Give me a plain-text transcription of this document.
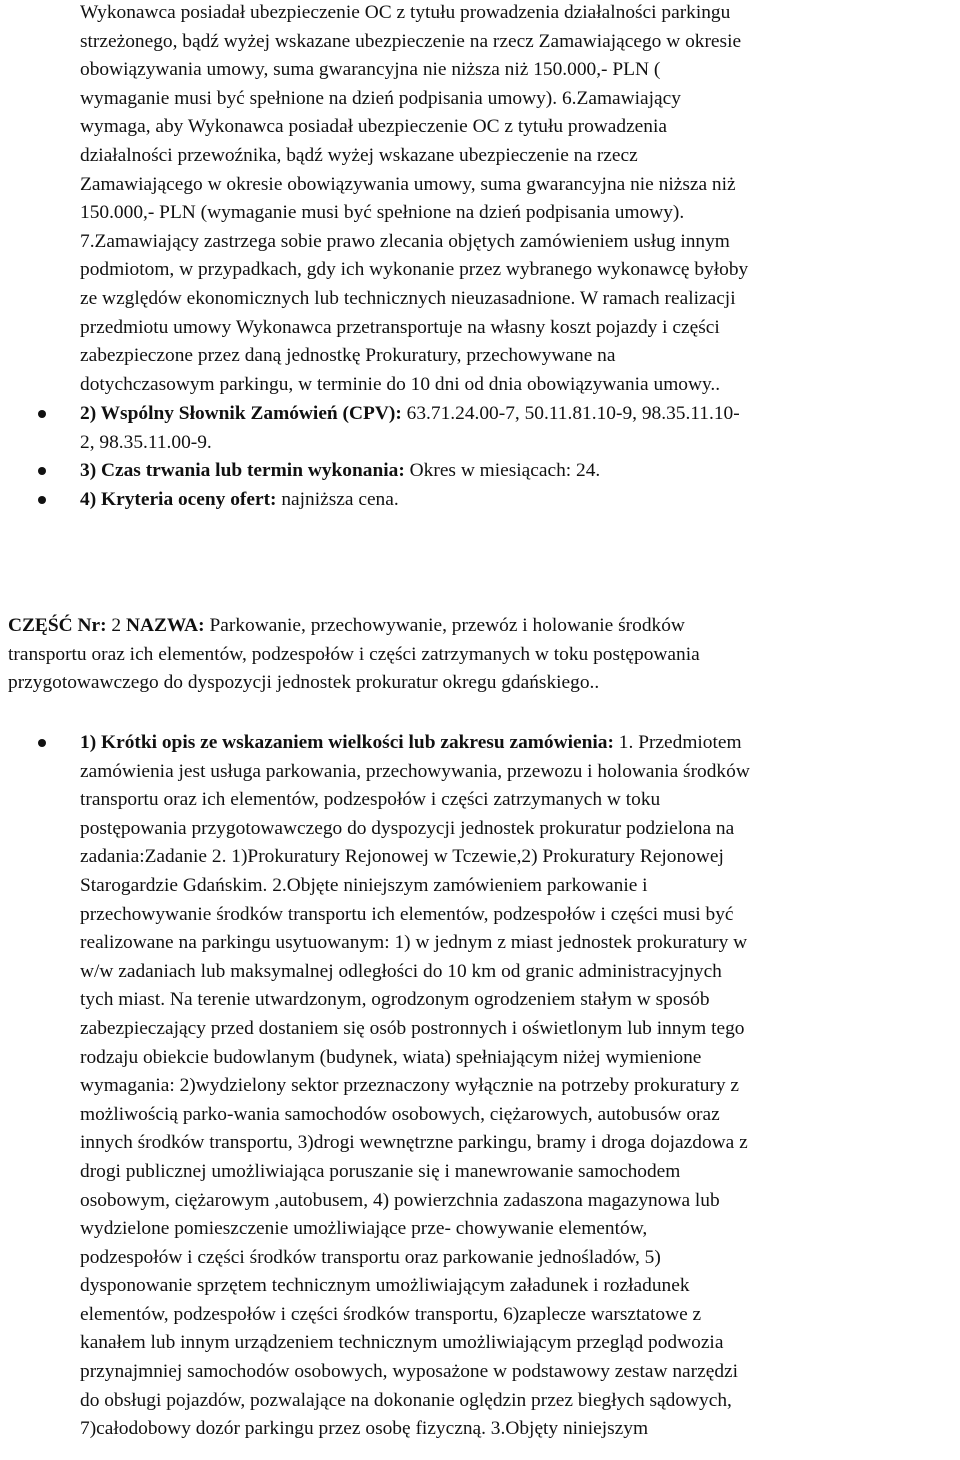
Wykonawca posiadał ubezpieczenie OC z tytułu prowadzenia działalności parkingu
strzeżonego, bądź wyżej wskazane ubezpieczenie na rzecz Zamawiającego w okresie
obowiązywania umowy, suma gwarancyjna nie niższa niż 150.000,- PLN (
wymaganie musi być spełnione na dzień podpisania umowy). 6.Zamawiający
wymaga, aby Wykonawca posiadał ubezpieczenie OC z tytułu prowadzenia
działalności przewoźnika, bądź wyżej wskazane ubezpieczenie na rzecz
Zamawiającego w okresie obowiązywania umowy, suma gwarancyjna nie niższa niż
150.000,- PLN (wymaganie musi być spełnione na dzień podpisania umowy).
7.Zamawiający zastrzega sobie prawo zlecania objętych zamówieniem usług innym
podmiotom, w przypadkach, gdy ich wykonanie przez wybranego wykonawcę byłoby
ze względów ekonomicznych lub technicznych nieuzasadnione. W ramach realizacji
przedmiotu umowy Wykonawca przetransportuje na własny koszt pojazdy i części
zabezpieczone przez daną jednostkę Prokuratury, przechowywane na
dotychczasowym parkingu, w terminie do 10 dni od dnia obowiązywania umowy..
2) Wspólny Słownik Zamówień (CPV): 63.71.24.00-7, 50.11.81.10-9, 98.35.11.10-
2, 98.35.11.00-9.
3) Czas trwania lub termin wykonania: Okres w miesiącach: 24.
4) Kryteria oceny ofert: najniższa cena.
CZĘŚĆ Nr: 2 NAZWA: Parkowanie, przechowywanie, przewóz i holowanie środków
transportu oraz ich elementów, podzespołów i części zatrzymanych w toku postępowania
przygotowawczego do dyspozycji jednostek prokuratur okregu gdańskiego..
1) Krótki opis ze wskazaniem wielkości lub zakresu zamówienia: 1. Przedmiotem
zamówienia jest usługa parkowania, przechowywania, przewozu i holowania środków
transportu oraz ich elementów, podzespołów i części zatrzymanych w toku
postępowania przygotowawczego do dyspozycji jednostek prokuratur podzielona na
zadania:Zadanie 2. 1)Prokuratury Rejonowej w Tczewie,2) Prokuratury Rejonowej
Starogardzie Gdańskim. 2.Objęte niniejszym zamówieniem parkowanie i
przechowywanie środków transportu ich elementów, podzespołów i części musi być
realizowane na parkingu usytuowanym: 1) w jednym z miast jednostek prokuratury w
w/w zadaniach lub maksymalnej odległości do 10 km od granic administracyjnych
tych miast. Na terenie utwardzonym, ogrodzonym ogrodzeniem stałym w sposób
zabezpieczający przed dostaniem się osób postronnych i oświetlonym lub innym tego
rodzaju obiekcie budowlanym (budynek, wiata) spełniającym niżej wymienione
wymagania: 2)wydzielony sektor przeznaczony wyłącznie na potrzeby prokuratury z
możliwością parko-wania samochodów osobowych, ciężarowych, autobusów oraz
innych środków transportu, 3)drogi wewnętrzne parkingu, bramy i droga dojazdowa z
drogi publicznej umożliwiająca poruszanie się i manewrowanie samochodem
osobowym, ciężarowym ,autobusem, 4) powierzchnia zadaszona magazynowa lub
wydzielone pomieszczenie umożliwiające prze- chowywanie elementów,
podzespołów i części środków transportu oraz parkowanie jednośladów, 5)
dysponowanie sprzętem technicznym umożliwiającym załadunek i rozładunek
elementów, podzespołów i części środków transportu, 6)zaplecze warsztatowe z
kanałem lub innym urządzeniem technicznym umożliwiającym przegląd podwozia
przynajmniej samochodów osobowych, wyposażone w podstawowy zestaw narzędzi
do obsługi pojazdów, pozwalające na dokonanie oględzin przez biegłych sądowych,
7)całodobowy dozór parkingu przez osobę fizyczną. 3.Objęty niniejszym
